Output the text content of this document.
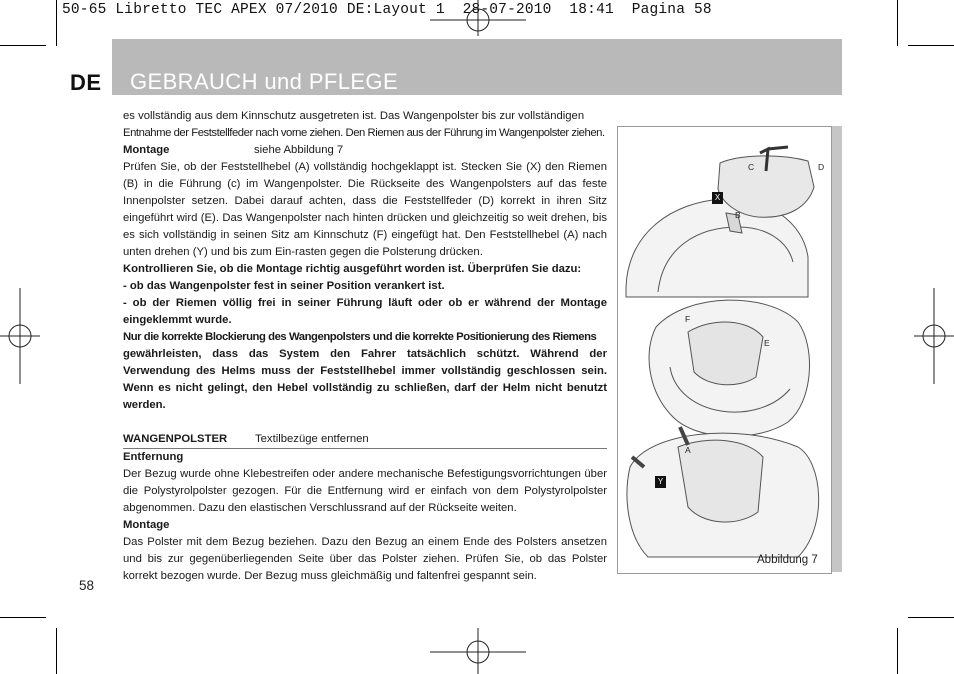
50-65 Libretto TEC APEX 07/2010 DE:Layout 1  28-07-2010  18:41  Pagina 58
DE GEBRAUCH und PFLEGE

es vollständig aus dem Kinnschutz ausgetreten ist. Das Wangenpolster bis zur vollständigen

Entnahme der Feststellfeder nach vorne ziehen. Den Riemen aus der Führung im Wangenpolster ziehen.

Montage	siehe Abbildung 7

Prüfen Sie, ob der Feststellhebel (A) vollständig hochgeklappt ist. Stecken Sie (X) den Riemen (B) in die Führung (c) im Wangenpolster. Die Rückseite des Wangenpolsters auf das feste Innenpolster setzen. Dabei darauf achten, dass die Feststellfeder (D) korrekt in ihren Sitz eingeführt wird (E). Das Wangenpolster nach hinten drücken und gleichzeitig so weit drehen, bis es sich vollständig in seinen Sitz am Kinnschutz (F) eingefügt hat. Den Feststellhebel (A) nach unten drehen (Y) und bis zum Ein-rasten gegen die Polsterung drücken.

Kontrollieren Sie, ob die Montage richtig ausgeführt worden ist. Überprüfen Sie dazu:

- ob das Wangenpolster fest in seiner Position verankert ist.

- ob der Riemen völlig frei in seiner Führung läuft oder ob er während der Montage eingeklemmt wurde.

Nur die korrekte Blockierung des Wangenpolsters und die korrekte Positionierung des Riemens

gewährleisten, dass das System den Fahrer tatsächlich schützt. Während der Verwendung des Helms muss der Feststellhebel immer vollständig geschlossen sein. Wenn es nicht gelingt, den Hebel vollständig zu schließen, darf der Helm nicht benutzt werden.

WANGENPOLSTER	Textilbezüge entfernen

Entfernung

Der Bezug wurde ohne Klebestreifen oder andere mechanische Befestigungsvorrichtungen über die Polystyrolpolster gezogen. Für die Entfernung wird er einfach von dem Polystyrolpolster abgenommen. Dazu den elastischen Verschlussrand auf der Rückseite weiten.

Montage

Das Polster mit dem Bezug beziehen. Dazu den Bezug an einem Ende des Polsters ansetzen und bis zur gegenüberliegenden Seite über das Polster ziehen. Prüfen Sie, ob das Polster korrekt bezogen wurde. Der Bezug muss gleichmäßig und faltenfrei gespannt sein.

58
C	D
X
B
F
E
A
Y
Abbildung 7
